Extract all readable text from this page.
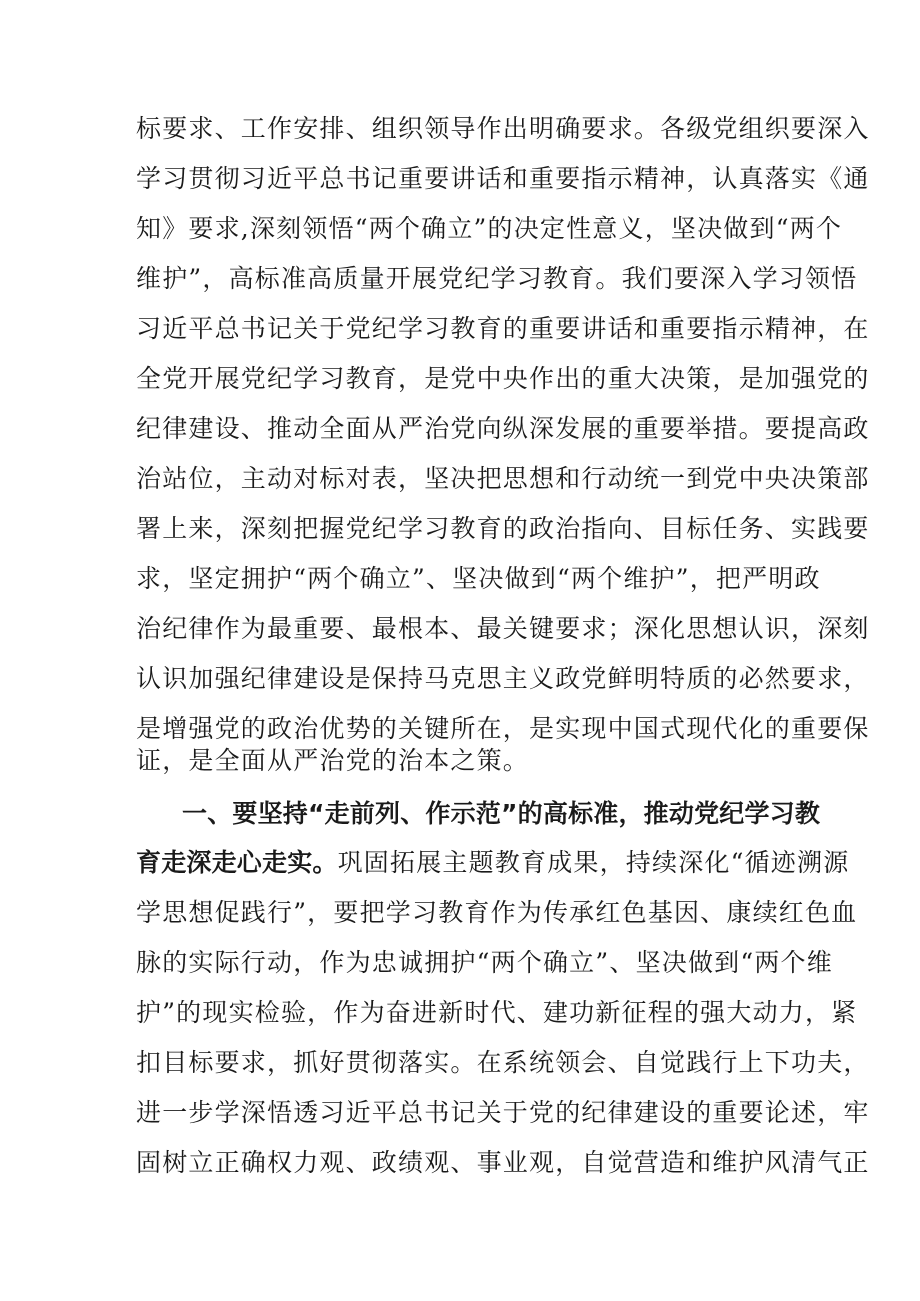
标要求、工作安排、组织领导作出明确要求。各级党组织要深入
学习贯彻习近平总书记重要讲话和重要指示精神，认真落实《通
知》要求,深刻领悟“两个确立”的决定性意义，坚决做到“两个
维护”，高标准高质量开展党纪学习教育。我们要深入学习领悟
习近平总书记关于党纪学习教育的重要讲话和重要指示精神，在
全党开展党纪学习教育，是党中央作出的重大决策，是加强党的
纪律建设、推动全面从严治党向纵深发展的重要举措。要提高政
治站位，主动对标对表，坚决把思想和行动统一到党中央决策部
署上来，深刻把握党纪学习教育的政治指向、目标任务、实践要
求，坚定拥护“两个确立”、坚决做到“两个维护”，把严明政
治纪律作为最重要、最根本、最关键要求；深化思想认识，深刻
认识加强纪律建设是保持马克思主义政党鲜明特质的必然要求，
是增强党的政治优势的关键所在，是实现中国式现代化的重要保
证，是全面从严治党的治本之策。
一、要坚持“走前列、作示范”的高标准，推动党纪学习教
育走深走心走实。巩固拓展主题教育成果，持续深化“循迹溯源
学思想促践行”，要把学习教育作为传承红色基因、康续红色血
脉的实际行动，作为忠诚拥护“两个确立”、坚决做到“两个维
护”的现实检验，作为奋进新时代、建功新征程的强大动力，紧
扣目标要求，抓好贯彻落实。在系统领会、自觉践行上下功夫，
进一步学深悟透习近平总书记关于党的纪律建设的重要论述，牢
固树立正确权力观、政绩观、事业观，自觉营造和维护风清气正
